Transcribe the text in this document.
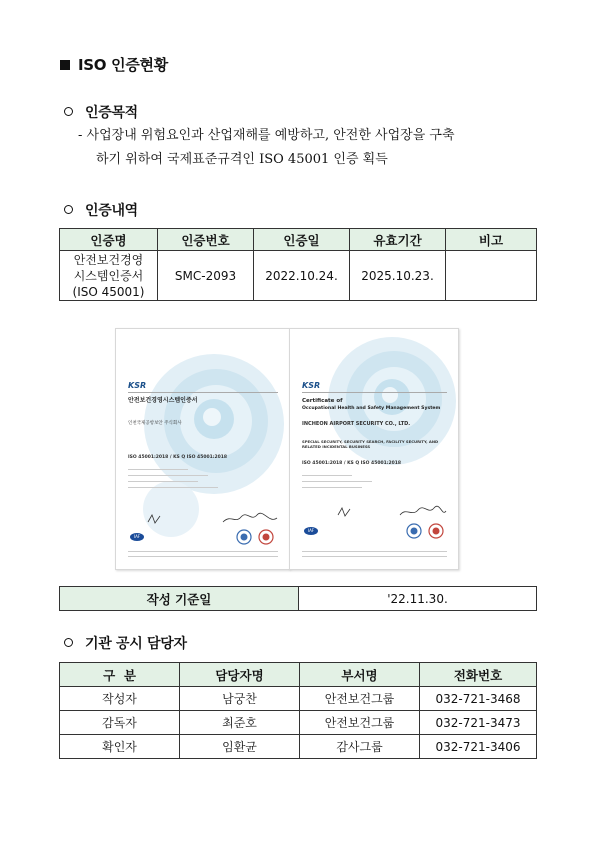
ISO 인증현황
인증목적
- 사업장내 위험요인과 산업재해를 예방하고, 안전한 사업장을 구축
하기 위하여 국제표준규격인 ISO 45001 인증 획득
인증내역
인증명	인증번호	인증일	유효기간	비고

안전보건경영
시스템인증서
(ISO 45001)	SMC-2093	2022.10.24.	2025.10.23.	
KSR
안전보건경영시스템인증서
인천국제공항보안 주식회사
ISO 45001:2018 / KS Q ISO 45001:2018
IAF
KSR
Certificate of
Occupational Health and Safety Management System
INCHEON AIRPORT SECURITY CO., LTD.
SPECIAL SECURITY, SECURITY SEARCH, FACILITY SECURITY, AND
RELATED INCIDENTAL BUSINESS
ISO 45001:2018 / KS Q ISO 45001:2018
IAF
작성 기준일	'22.11.30.
기관 공시 담당자
구  분	담당자명	부서명	전화번호
작성자	남궁찬	안전보건그룹	032-721-3468
감독자	최준호	안전보건그룹	032-721-3473
확인자	임환균	감사그룹	032-721-3406
